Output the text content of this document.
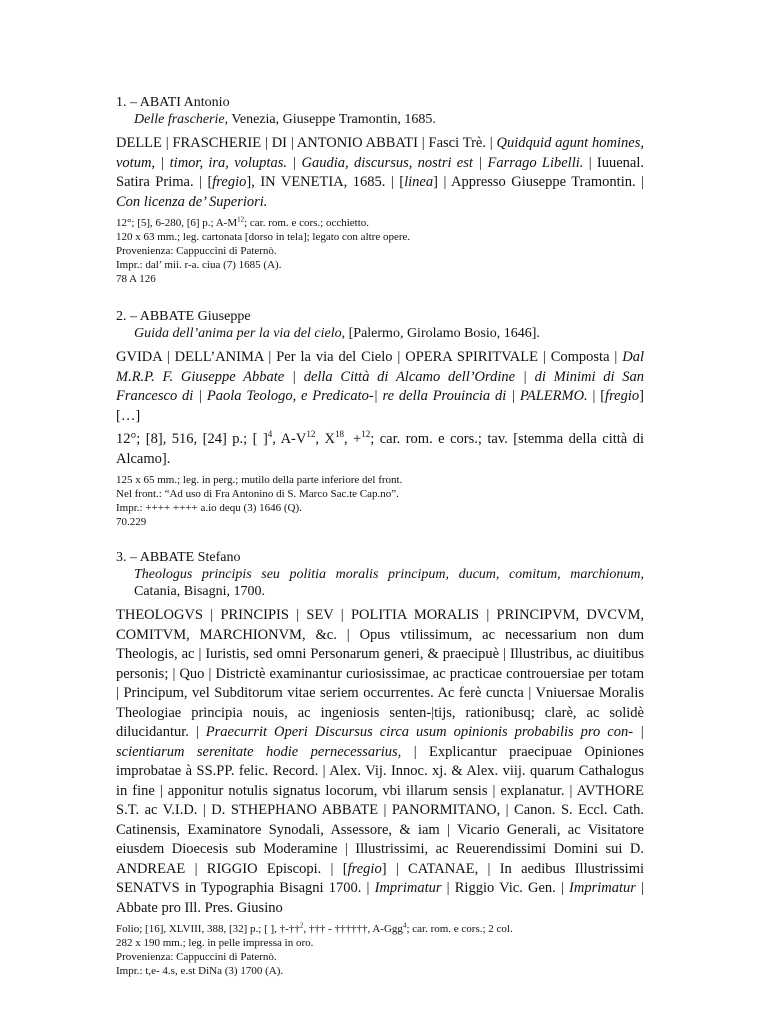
1. – ABATI Antonio
Delle frascherie, Venezia, Giuseppe Tramontin, 1685.
DELLE | FRASCHERIE | DI | ANTONIO ABBATI | Fasci Trè. | Quidquid agunt homines, votum, | timor, ira, voluptas. | Gaudia, discursus, nostri est | Farrago Libelli. | Iuuenal. Satira Prima. | [fregio], IN VENETIA, 1685. | [linea] | Appresso Giuseppe Tramontin. | Con licenza de’ Superiori.
12°; [5], 6-280, [6] p.; $A-M^{12}$; car. rom. e cors.; occhietto.
120 x 63 mm.; leg. cartonata [dorso in tela]; legato con altre opere.
Provenienza: Cappuccini di Paternò.
Impr.: dal’ mii. r-a. ciua (7) 1685 (A).
78 A 126
2. – ABBATE Giuseppe
Guida dell’anima per la via del cielo, [Palermo, Girolamo Bosio, 1646].
GVIDA | DELL’ANIMA | Per la via del Cielo | OPERA SPIRITVALE | Composta | Dal M.R.P. F. Giuseppe Abbate | della Città di Alcamo dell’Ordine | di Minimi di San Francesco di | Paola Teologo, e Predicato-| re della Prouincia di | PALERMO. | [fregio] […]
12°; [8], 516, [24] p.; [ ]$^4$, $A-V^{12}$, $X^{18}$, +$^{12}$; car. rom. e cors.; tav. [stemma della città di Alcamo].
125 x 65 mm.; leg. in perg.; mutilo della parte inferiore del front.
Nel front.: “Ad uso di Fra Antonino di S. Marco Sac.te Cap.no”.
Impr.: ++++ ++++ a.io dequ (3) 1646 (Q).
70.229
3. – ABBATE Stefano
Theologus principis seu politia moralis principum, ducum, comitum, marchionum, Catania, Bisagni, 1700.
THEOLOGVS | PRINCIPIS | SEV | POLITIA MORALIS | PRINCIPVM, DVCVM, COMITVM, MARCHIONVM, &c. | Opus vtilissimum, ac necessarium non dum Theologis, ac | Iuristis, sed omni Personarum generi, & praecipuè | Illustribus, ac diuitibus personis; | Quo | Districtè examinantur curiosissimae, ac practicae controuersiae per totam | Principum, vel Subditorum vitae seriem occurrentes. Ac ferè cuncta | Vniuersae Moralis Theologiae principia nouis, ac ingeniosis senten-|tijs, rationibusq; clarè, ac solidè dilucidantur. | Praecurrit Operi Discursus circa usum opinionis probabilis pro con- | scientiarum serenitate hodie pernecessarius, | Explicantur praecipuae Opiniones improbatae à SS.PP. felic. Record. | Alex. Vij. Innoc. xj. & Alex. viij. quarum Cathalogus in fine | apponitur notulis signatus locorum, vbi illarum sensis | explanatur. | AVTHORE S.T. ac V.I.D. | D. STHEPHANO ABBATE | PANORMITANO, | Canon. S. Eccl. Cath. Catinensis, Examinatore Synodali, Assessore, & iam | Vicario Generali, ac Visitatore eiusdem Dioecesis sub Moderamine | Illustrissimi, ac Reuerendissimi Domini sui D. ANDREAE | RIGGIO Episcopi. | [fregio] | CATANAE, | In aedibus Illustrissimi SENATVS in Typographia Bisagni 1700. | Imprimatur | Riggio Vic. Gen. | Imprimatur | Abbate pro Ill. Pres. Giusino
Folio; [16], XLVIII, 388, [32] p.; [ ], †-††$^2$, ††† - ††††††, A-Ggg$^4$; car. rom. e cors.; 2 col.
282 x 190 mm.; leg. in pelle impressa in oro.
Provenienza: Cappuccini di Paternò.
Impr.: t,e- 4.s, e.st DiNa (3) 1700 (A).
